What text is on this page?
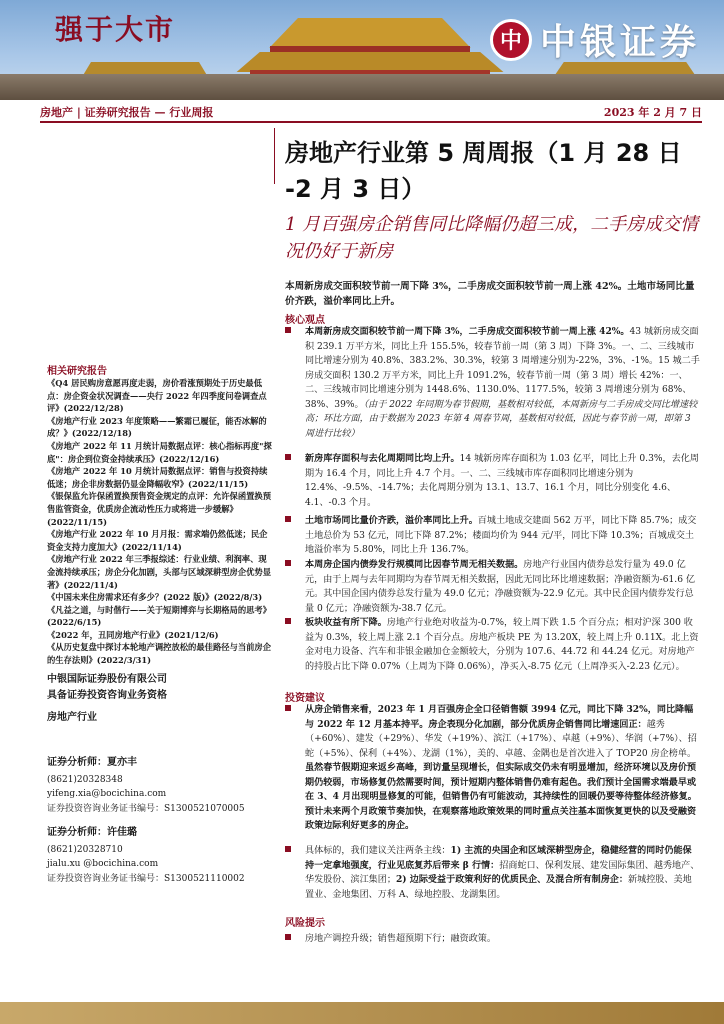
中 中银证券
房地产 | 证券研究报告 — 行业周报	2023 年 2 月 7 日
强于大市
房地产行业第 5 周周报（1 月 28 日 -2 月 3 日）
1 月百强房企销售同比降幅仍超三成，二手房成交情况仍好于新房
本周新房成交面积较节前一周下降 3%，二手房成交面积较节前一周上涨 42%。土地市场同比量价齐跌，溢价率同比上升。
核心观点
本周新房成交面积较节前一周下降 3%，二手房成交面积较节前一周上涨 42%。43 城新房成交面积 239.1 万平方米，同比上升 155.5%，较春节前一周（第 3 周）下降 3%。一、二、三线城市同比增速分别为 40.8%、383.2%、30.3%，较第 3 周增速分别为-22%，3%、-1%。15 城二手房成交面积 130.2 万平方米，同比上升 1091.2%，较春节前一周（第 3 周）增长 42%：一、二、三线城市同比增速分别为 1448.6%、1130.0%、1177.5%，较第 3 周增速分别为 68%、38%、39%。（由于 2022 年同期为春节假期，基数相对较低，本周新房与二手房成交同比增速较高；环比方面，由于数据为 2023 年第 4 周春节周，基数相对较低，因此与春节前一周，即第 3 周进行比较）
新房库存面积与去化周期同比均上升。14 城新房库存面积为 1.03 亿平，同比上升 0.3%，去化周期为 16.4 个月，同比上升 4.7 个月。一、二、三线城市库存面积同比增速分别为 12.4%、-9.5%、-14.7%；去化周期分别为 13.1、13.7、16.1 个月，同比分别变化 4.6、4.1、-0.3 个月。
土地市场同比量价齐跌，溢价率同比上升。百城土地成交建面 562 万平，同比下降 85.7%；成交土地总价为 53 亿元，同比下降 87.2%；楼面均价为 944 元/平，同比下降 10.3%；百城成交土地溢价率为 5.80%，同比上升 136.7%。
本周房企国内债券发行规模同比因春节周无相关数据。房地产行业国内债券总发行量为 49.0 亿元，由于上周与去年同期均为春节周无相关数据，因此无同比环比增速数据；净融资额为-61.6 亿元。其中国企国内债券总发行量为 49.0 亿元；净融资额为-22.9 亿元。其中民企国内债券发行总量 0 亿元；净融资额为-38.7 亿元。
板块收益有所下降。房地产行业绝对收益为-0.7%，较上周下跌 1.5 个百分点；相对沪深 300 收益为 0.3%，较上周上涨 2.1 个百分点。房地产板块 PE 为 13.20X，较上周上升 0.11X。北上资金对电力设备、汽车和非银金融加仓金额较大，分别为 107.6、44.72 和 44.24 亿元。对房地产的持股占比下降 0.07%（上周为下降 0.06%），净买入-8.75 亿元（上周净买入-2.23 亿元）。
投资建议
从房企销售来看，2023 年 1 月百强房企全口径销售额 3994 亿元，同比下降 32%，同比降幅与 2022 年 12 月基本持平。房企表现分化加剧，部分优质房企销售同比增速回正：越秀（+60%）、建发（+29%）、华发（+19%）、滨江（+17%）、卓越（+9%）、华润（+7%）、招蛇（+5%）、保利（+4%）、龙湖（1%），美的、卓越、金隅也是首次进入了 TOP20 房企榜单。虽然春节假期迎来返乡高峰，到访量呈现增长，但实际成交仍未有明显增加，经济环境以及房价预期仍较弱，市场修复仍然需要时间，预计短期内整体销售仍难有起色。我们预计全国需求端最早或在 3、4 月出现明显修复的可能，但销售仍有可能波动，其持续性的回暖仍要等待整体经济修复。预计未来两个月政策节奏加快，在观察落地政策效果的同时重点关注基本面恢复更快的以及受融资政策边际利好更多的房企。
具体标的，我们建议关注两条主线：1) 主流的央国企和区域深耕型房企，稳健经营的同时仍能保持一定拿地强度，行业见底复苏后带来 β 行情：招商蛇口、保利发展、建发国际集团、越秀地产、华发股份、滨江集团；2) 边际受益于政策利好的优质民企、及混合所有制房企：新城控股、美地置业、金地集团、万科 A、绿地控股、龙湖集团。
风险提示
房地产调控升级；销售超预期下行；融资政策。
相关研究报告
《Q4 居民购房意愿再度走弱，房价看涨预期处于历史最低点：房企资金状况调查——央行 2022 年四季度问卷调查点评》(2022/12/28)
《房地产行业 2023 年度策略——繁霜已履征，能否冰解的成？》(2022/12/18)
《房地产 2022 年 11 月统计局数据点评：核心指标再度"探底"：房企到位资金持续承压》(2022/12/16)
《房地产 2022 年 10 月统计局数据点评：销售与投资持续低迷；房企非房数据仍显金降幅收窄》(2022/11/15)
《银保监允许保函置换预售资金规定的点评：允许保函置换预售监管资金，优质房企流动性压力或将进一步缓解》(2022/11/15)
《房地产行业 2022 年 10 月月报：需求端仍然低迷；民企资金支持力度加大》(2022/11/14)
《房地产行业 2022 年三季报综述：行业业绩、利润率、现金流持续承压；房企分化加剧，头部与区域深耕型房企优势显著》(2022/11/4)
《中国未来住房需求还有多少？(2022 版)》(2022/8/3)
《凡益之道，与时偕行——关于短期博弈与长期格局的思考》(2022/6/15)
《2022 年，丑同房地产行业》(2021/12/6)
《从历史复盘中探讨本轮地产调控放松的最佳路径与当前房企的生存法则》(2022/3/31)
中银国际证券股份有限公司
具备证券投资咨询业务资格
房地产行业
证券分析师：夏亦丰
(8621)20328348
yifeng.xia@bocichina.com
证券投资咨询业务证书编号：S1300521070005
证券分析师：许佳璐
(8621)20328710
jialu.xu @bocichina.com
证券投资咨询业务证书编号：S1300521110002
